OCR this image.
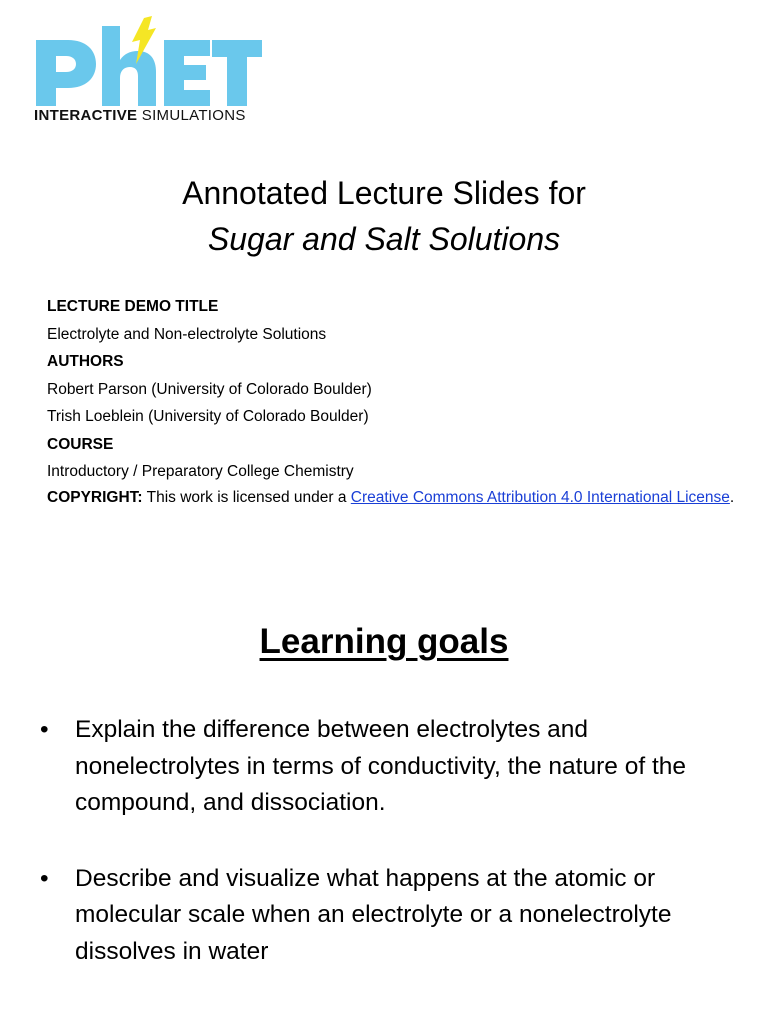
INTERACTIVE SIMULATIONS
Annotated Lecture Slides for
Sugar and Salt Solutions
LECTURE DEMO TITLE
Electrolyte and Non-electrolyte Solutions
AUTHORS
Robert Parson (University of Colorado Boulder)
Trish Loeblein (University of Colorado Boulder)
COURSE
Introductory / Preparatory College Chemistry
COPYRIGHT: This work is licensed under a Creative Commons Attribution 4.0 International License.
Learning goals
• Explain the difference between electrolytes and nonelectrolytes in terms of conductivity, the nature of the compound, and dissociation.
• Describe and visualize what happens at the atomic or molecular scale when an electrolyte or a nonelectrolyte dissolves in water
